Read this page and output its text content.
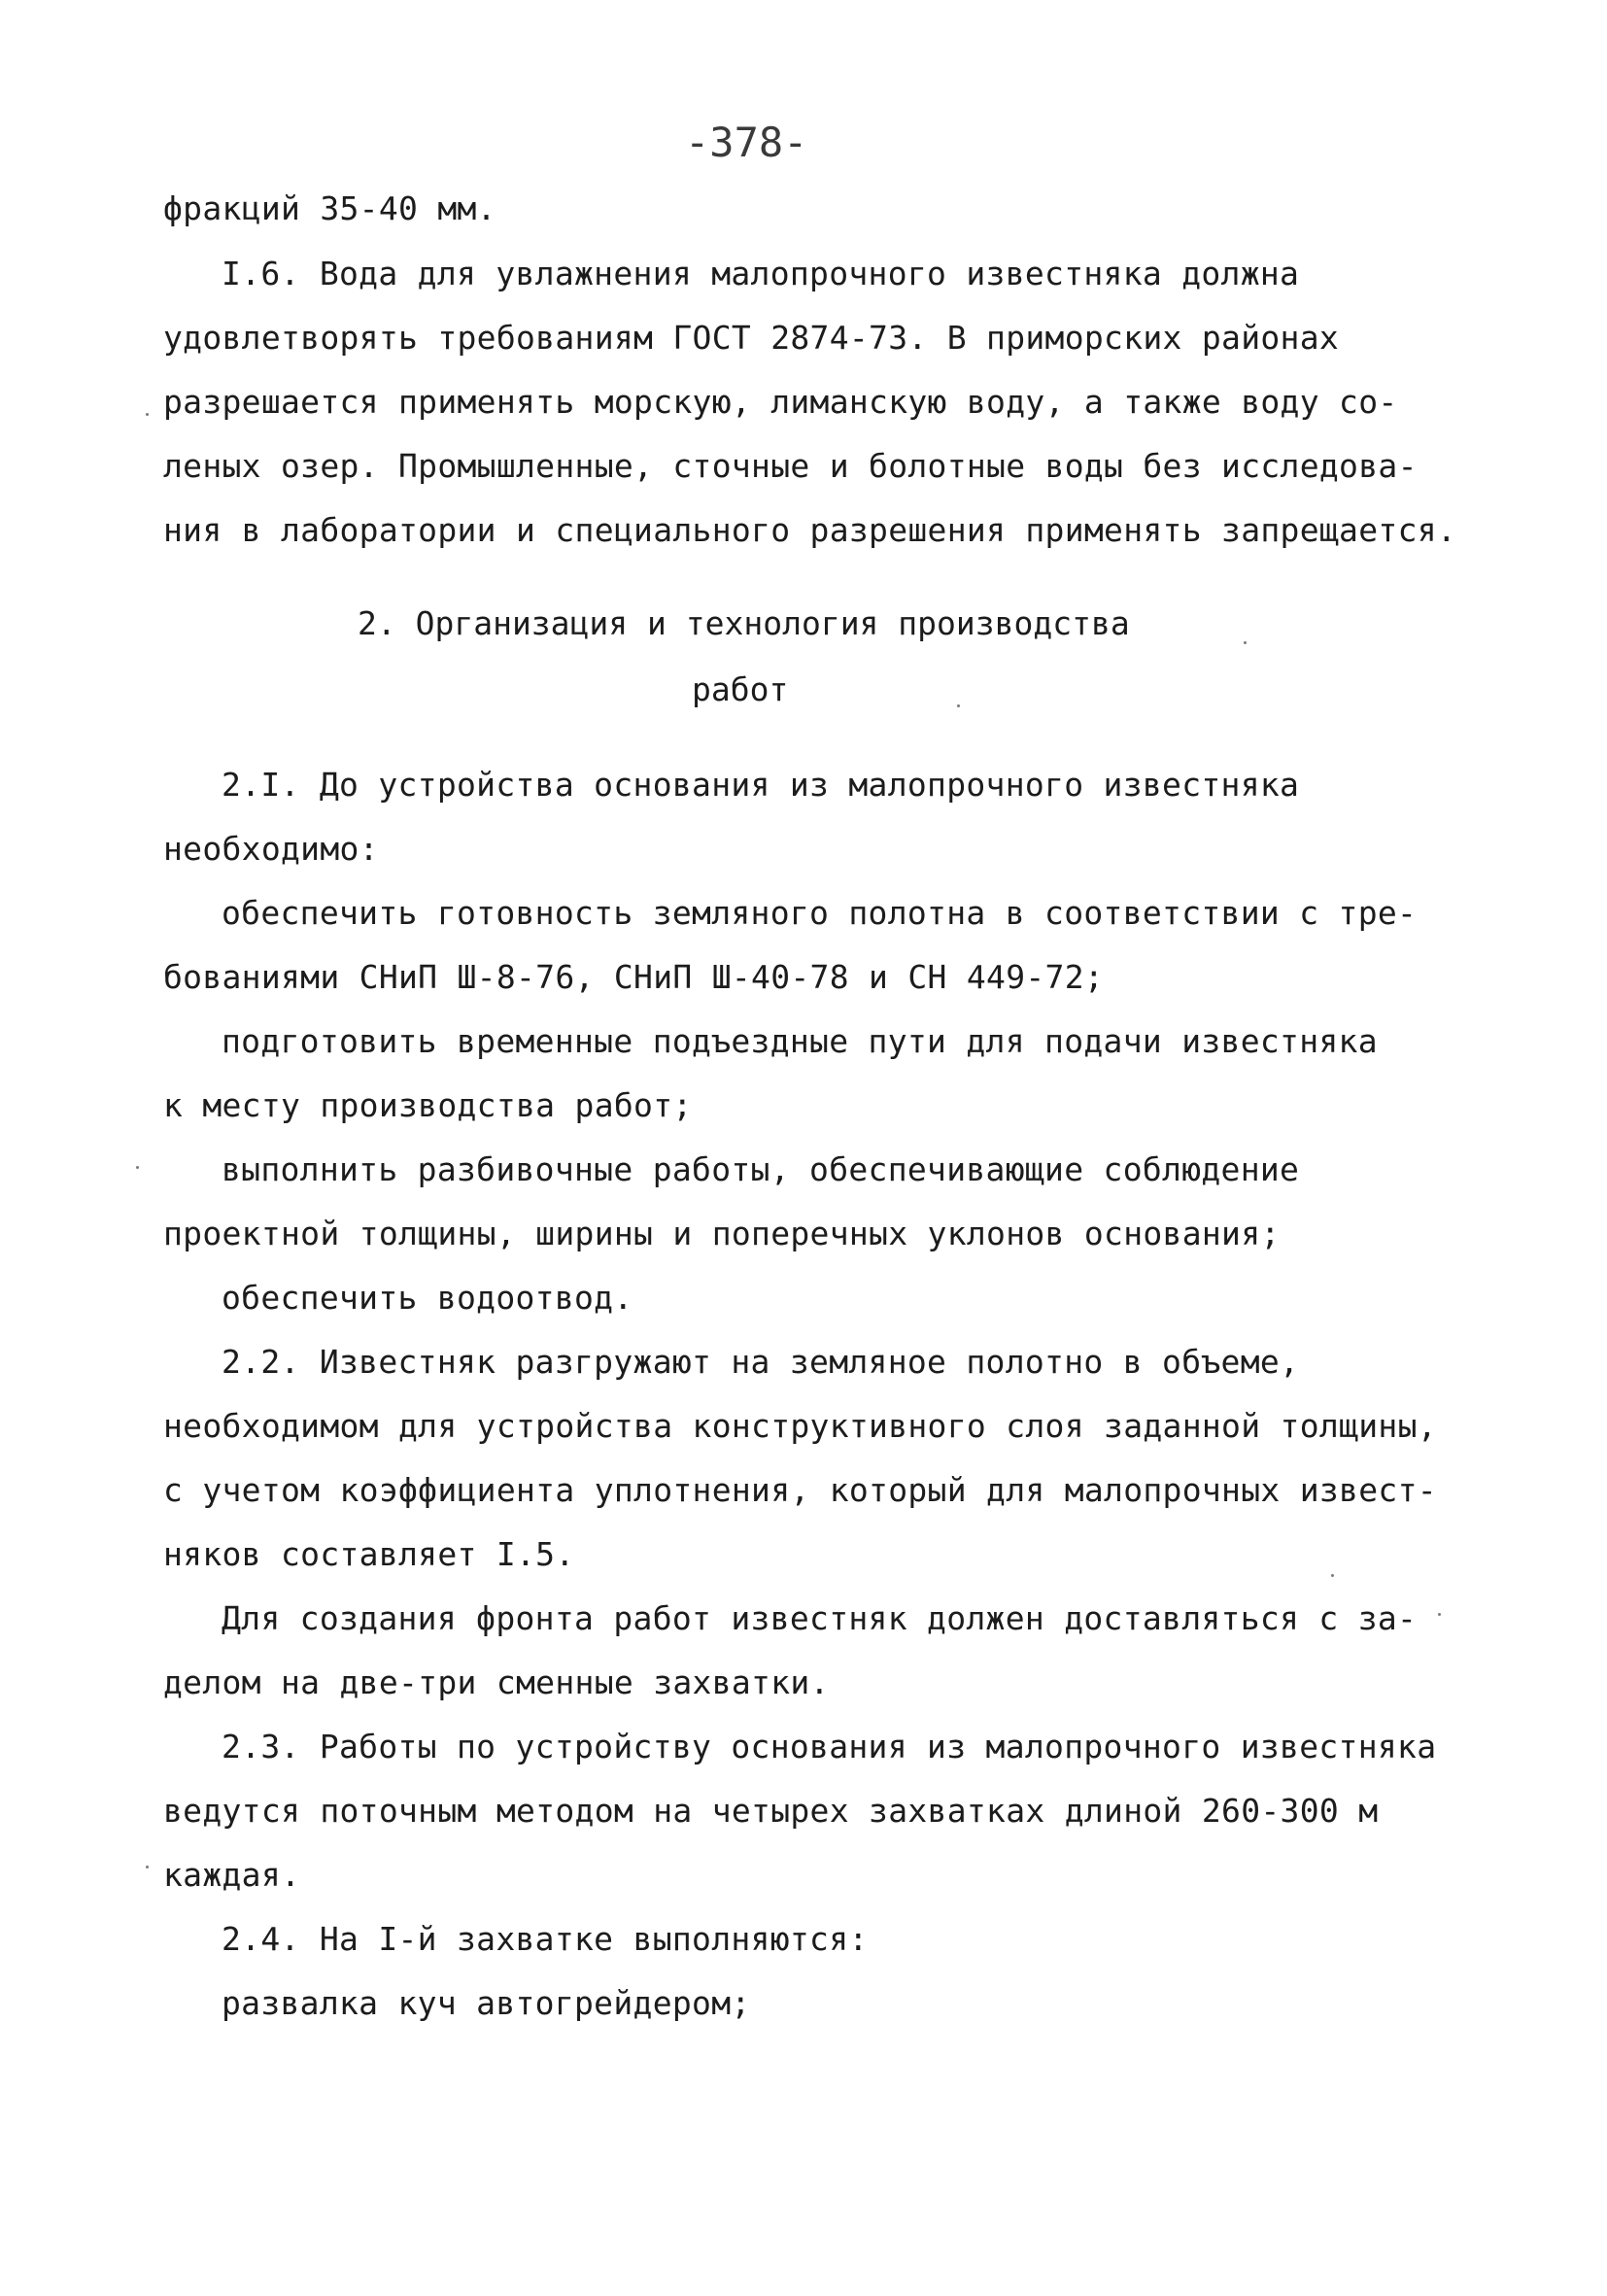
-378-
фракций 35-40 мм.
I.6. Вода для увлажнения малопрочного известняка должна
удовлетворять требованиям ГОСТ 2874-73. В приморских районах
разрешается применять морскую, лиманскую воду, а также воду со-
леных озер. Промышленные, сточные и болотные воды без исследова-
ния в лаборатории и специального разрешения применять запрещается.
2. Организация и технология производства
работ
2.I. До устройства основания из малопрочного известняка
необходимо:
обеспечить готовность земляного полотна в соответствии с тре-
бованиями СНиП Ш-8-76, СНиП Ш-40-78 и СН 449-72;
подготовить временные подъездные пути для подачи известняка
к месту производства работ;
выполнить разбивочные работы, обеспечивающие соблюдение
проектной толщины, ширины и поперечных уклонов основания;
обеспечить водоотвод.
2.2. Известняк разгружают на земляное полотно в объеме,
необходимом для устройства конструктивного слоя заданной толщины,
с учетом коэффициента уплотнения, который для малопрочных извест-
няков составляет I.5.
Для создания фронта работ известняк должен доставляться с за-
делом на две-три сменные захватки.
2.3. Работы по устройству основания из малопрочного известняка
ведутся поточным методом на четырех захватках длиной 260-300 м
каждая.
2.4. На I-й захватке выполняются:
развалка куч автогрейдером;
